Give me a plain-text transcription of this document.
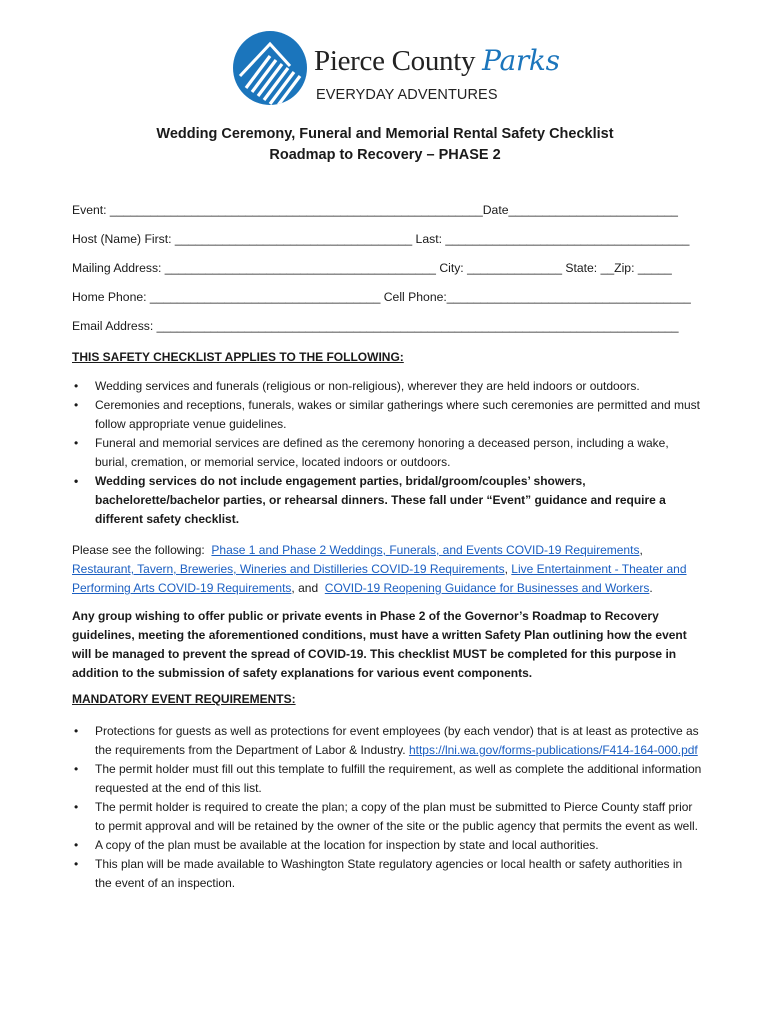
Pierce County Parks
EVERYDAY ADVENTURES
Wedding Ceremony, Funeral and Memorial Rental Safety Checklist
Roadmap to Recovery – PHASE 2
Event: _______________________________________________________Date_________________________
Host (Name) First: ___________________________________ Last: ____________________________________
Mailing Address: ________________________________________ City: ______________ State: __Zip: _____
Home Phone: __________________________________ Cell Phone:____________________________________
Email Address: _____________________________________________________________________________
THIS SAFETY CHECKLIST APPLIES TO THE FOLLOWING:
• Wedding services and funerals (religious or non-religious), wherever they are held indoors or outdoors.
• Ceremonies and receptions, funerals, wakes or similar gatherings where such ceremonies are permitted and must follow appropriate venue guidelines.
• Funeral and memorial services are defined as the ceremony honoring a deceased person, including a wake, burial, cremation, or memorial service, located indoors or outdoors.
• Wedding services do not include engagement parties, bridal/groom/couples’ showers, bachelorette/bachelor parties, or rehearsal dinners. These fall under “Event” guidance and require a different safety checklist.
Please see the following: Phase 1 and Phase 2 Weddings, Funerals, and Events COVID-19 Requirements, Restaurant, Tavern, Breweries, Wineries and Distilleries COVID-19 Requirements, Live Entertainment - Theater and Performing Arts COVID-19 Requirements, and COVID-19 Reopening Guidance for Businesses and Workers.
Any group wishing to offer public or private events in Phase 2 of the Governor’s Roadmap to Recovery guidelines, meeting the aforementioned conditions, must have a written Safety Plan outlining how the event will be managed to prevent the spread of COVID-19. This checklist MUST be completed for this purpose in addition to the submission of safety explanations for various event components.
MANDATORY EVENT REQUIREMENTS:
• Protections for guests as well as protections for event employees (by each vendor) that is at least as protective as the requirements from the Department of Labor & Industry. https://lni.wa.gov/forms-publications/F414-164-000.pdf
• The permit holder must fill out this template to fulfill the requirement, as well as complete the additional information requested at the end of this list.
• The permit holder is required to create the plan; a copy of the plan must be submitted to Pierce County staff prior to permit approval and will be retained by the owner of the site or the public agency that permits the event as well.
• A copy of the plan must be available at the location for inspection by state and local authorities.
• This plan will be made available to Washington State regulatory agencies or local health or safety authorities in the event of an inspection.
